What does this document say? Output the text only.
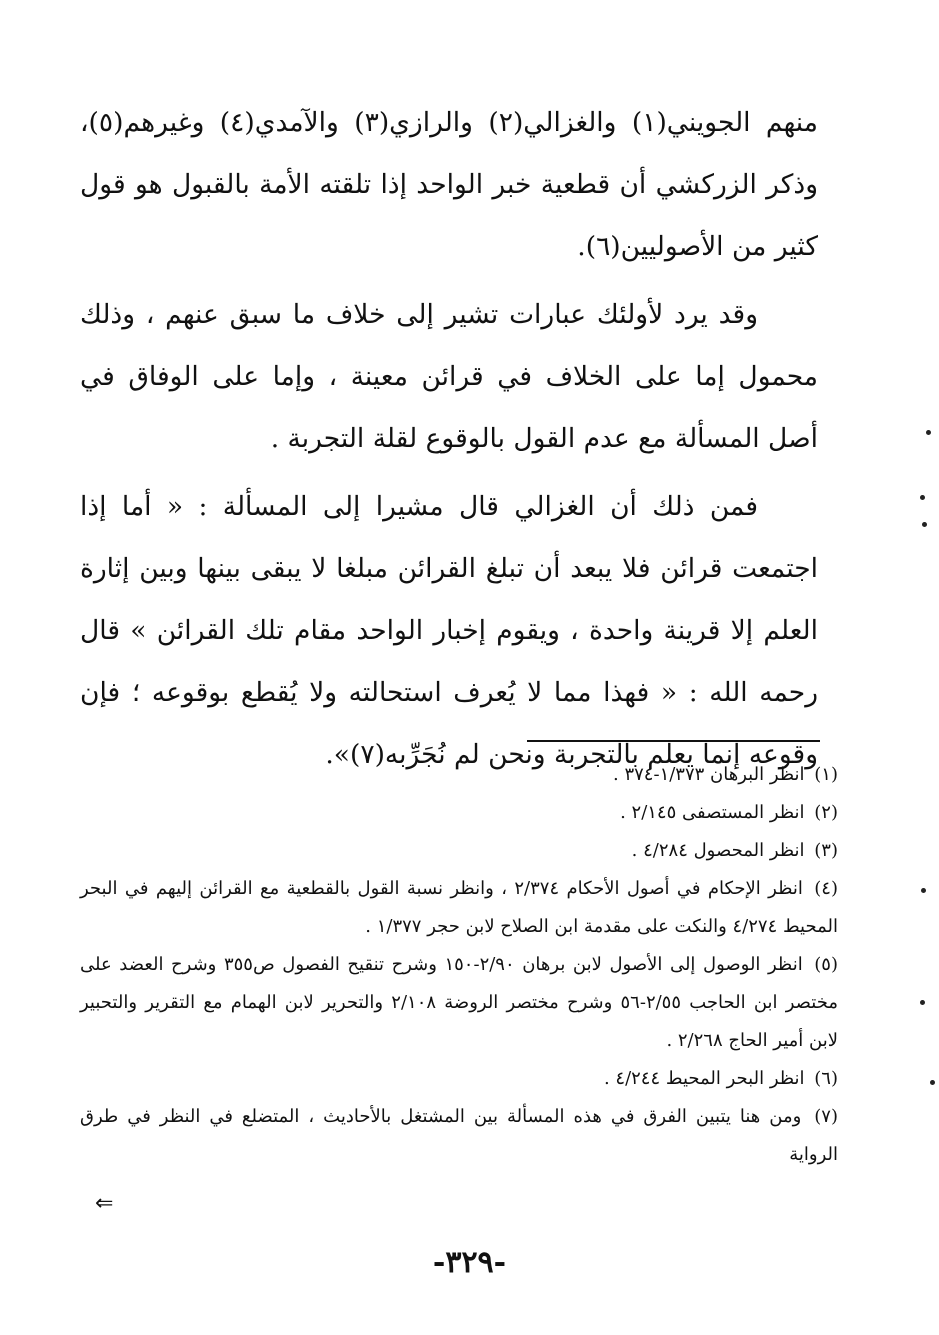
منهم الجويني(١) والغزالي(٢) والرازي(٣) والآمدي(٤) وغيرهم(٥)، وذكر الزركشي أن قطعية خبر الواحد إذا تلقته الأمة بالقبول هو قول كثير من الأصوليين(٦).

وقد يرد لأولئك عبارات تشير إلى خلاف ما سبق عنهم ، وذلك محمول إما على الخلاف في قرائن معينة ، وإما على الوفاق في أصل المسألة مع عدم القول بالوقوع لقلة التجربة .

فمن ذلك أن الغزالي قال مشيرا إلى المسألة : « أما إذا اجتمعت قرائن فلا يبعد أن تبلغ القرائن مبلغا لا يبقى بينها وبين إثارة العلم إلا قرينة واحدة ، ويقوم إخبار الواحد مقام تلك القرائن » قال رحمه الله : « فهذا مما لا يُعرف استحالته ولا يُقطع بوقوعه ؛ فإن وقوعه إنما يعلم بالتجربة ونحن لم نُجَرِّبه(٧)».

(١) انظر البرهان ١/٣٧٣-٣٧٤ .

(٢) انظر المستصفى ٢/١٤٥ .

(٣) انظر المحصول ٤/٢٨٤ .

(٤) انظر الإحكام في أصول الأحكام ٢/٣٧٤ ، وانظر نسبة القول بالقطعية مع القرائن إليهم في البحر المحيط ٤/٢٧٤ والنكت على مقدمة ابن الصلاح لابن حجر ١/٣٧٧ .

(٥) انظر الوصول إلى الأصول لابن برهان ٢/٩٠-١٥٠ وشرح تنقيح الفصول ص٣٥٥ وشرح العضد على مختصر ابن الحاجب ٢/٥٥-٥٦ وشرح مختصر الروضة ٢/١٠٨ والتحرير لابن الهمام مع التقرير والتحبير لابن أمير الحاج ٢/٢٦٨ .

(٦) انظر البحر المحيط ٤/٢٤٤ .

(٧) ومن هنا يتبين الفرق في هذه المسألة بين المشتغل بالأحاديث ، المتضلع في النظر في طرق الرواية

⇐
-٣٢٩-
